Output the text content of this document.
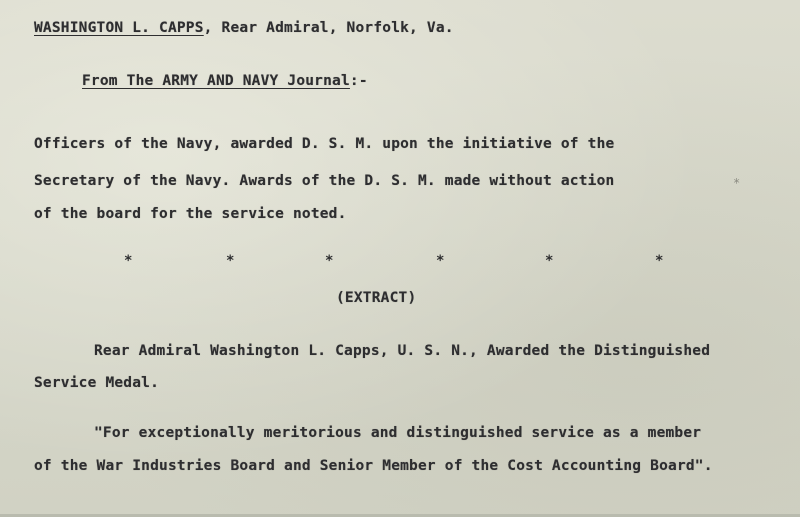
WASHINGTON L. CAPPS, Rear Admiral, Norfolk, Va.
From The ARMY AND NAVY Journal:-
Officers of the Navy, awarded D. S. M. upon the initiative of the
Secretary of the Navy. Awards of the D. S. M. made without action
of the board for the service noted.
*
*	*	*	*	*	*
(EXTRACT)
Rear Admiral Washington L. Capps, U. S. N., Awarded the Distinguished
Service Medal.
"For exceptionally meritorious and distinguished service as a member
of the War Industries Board and Senior Member of the Cost Accounting Board".
